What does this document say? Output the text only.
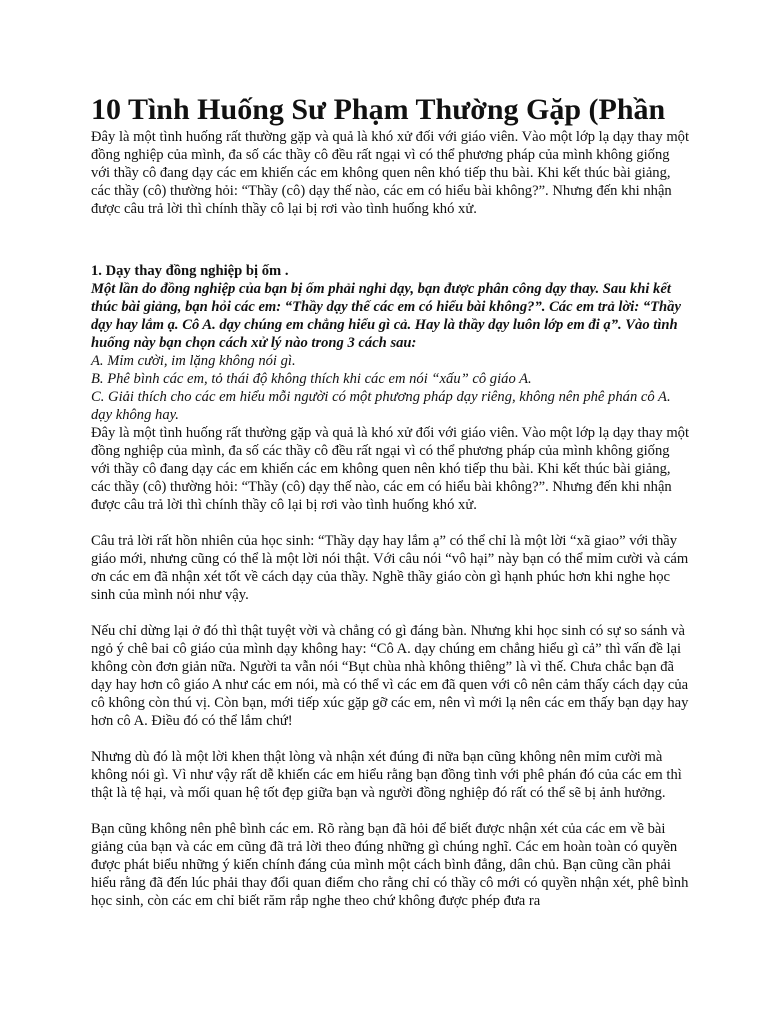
10 Tình Huống Sư Phạm Thường Gặp (Phần

Đây là một tình huống rất thường gặp và quả là khó xử đối với giáo viên. Vào một lớp lạ dạy thay một đồng nghiệp của mình, đa số các thầy cô đều rất ngại vì có thể phương pháp của mình không giống với thầy cô đang dạy các em khiến các em không quen nên khó tiếp thu bài. Khi kết thúc bài giảng, các thầy (cô) thường hỏi: “Thầy (cô) dạy thế nào, các em có hiểu bài không?”. Nhưng đến khi nhận được câu trả lời thì chính thầy cô lại bị rơi vào tình huống khó xử.

1. Dạy thay đồng nghiệp bị ốm .

Một lần do đồng nghiệp của bạn bị ốm phải nghỉ dạy, bạn được phân công dạy thay. Sau khi kết thúc bài giảng, bạn hỏi các em: “Thầy dạy thế các em có hiểu bài không?”. Các em trả lời: “Thầy dạy hay lắm ạ. Cô A. dạy chúng em chẳng hiểu gì cả. Hay là thầy dạy luôn lớp em đi ạ”. Vào tình huống này bạn chọn cách xử lý nào trong 3 cách sau:

A. Mỉm cười, im lặng không nói gì.

B. Phê bình các em, tỏ thái độ không thích khi các em nói “xấu” cô giáo A.

C. Giải thích cho các em hiểu mỗi người có một phương pháp dạy riêng, không nên phê phán cô A. dạy không hay.

Đây là một tình huống rất thường gặp và quả là khó xử đối với giáo viên. Vào một lớp lạ dạy thay một đồng nghiệp của mình, đa số các thầy cô đều rất ngại vì có thể phương pháp của mình không giống với thầy cô đang dạy các em khiến các em không quen nên khó tiếp thu bài. Khi kết thúc bài giảng, các thầy (cô) thường hỏi: “Thầy (cô) dạy thế nào, các em có hiểu bài không?”. Nhưng đến khi nhận được câu trả lời thì chính thầy cô lại bị rơi vào tình huống khó xử.

Câu trả lời rất hồn nhiên của học sinh: “Thầy dạy hay lắm ạ” có thể chỉ là một lời “xã giao” với thầy giáo mới, nhưng cũng có thể là một lời nói thật. Với câu nói “vô hại” này bạn có thể mỉm cười và cám ơn các em đã nhận xét tốt về cách dạy của thầy. Nghề thầy giáo còn gì hạnh phúc hơn khi nghe học sinh của mình nói như vậy.

Nếu chỉ dừng lại ở đó thì thật tuyệt vời và chẳng có gì đáng bàn. Nhưng khi học sinh có sự so sánh và ngỏ ý chê bai cô giáo của mình dạy không hay: “Cô A. dạy chúng em chẳng hiểu gì cả” thì vấn đề lại không còn đơn giản nữa. Người ta vẫn nói “Bụt chùa nhà không thiêng” là vì thế. Chưa chắc bạn đã dạy hay hơn cô giáo A như các em nói, mà có thể vì các em đã quen với cô nên cảm thấy cách dạy của cô không còn thú vị. Còn bạn, mới tiếp xúc gặp gỡ các em, nên vì mới lạ nên các em thấy bạn dạy hay hơn cô A. Điều đó có thể lắm chứ!

Nhưng dù đó là một lời khen thật lòng và nhận xét đúng đi nữa bạn cũng không nên mỉm cười mà không nói gì. Vì như vậy rất dễ khiến các em hiểu rằng bạn đồng tình với phê phán đó của các em thì thật là tệ hại, và mối quan hệ tốt đẹp giữa bạn và người đồng nghiệp đó rất có thể sẽ bị ảnh hưởng.

Bạn cũng không nên phê bình các em. Rõ ràng bạn đã hỏi để biết được nhận xét của các em về bài giảng của bạn và các em cũng đã trả lời theo đúng những gì chúng nghĩ. Các em hoàn toàn có quyền được phát biểu những ý kiến chính đáng của mình một cách bình đẳng, dân chủ. Bạn cũng cần phải hiểu rằng đã đến lúc phải thay đổi quan điểm cho rằng chỉ có thầy cô mới có quyền nhận xét, phê bình học sinh, còn các em chỉ biết răm rắp nghe theo chứ không được phép đưa ra
